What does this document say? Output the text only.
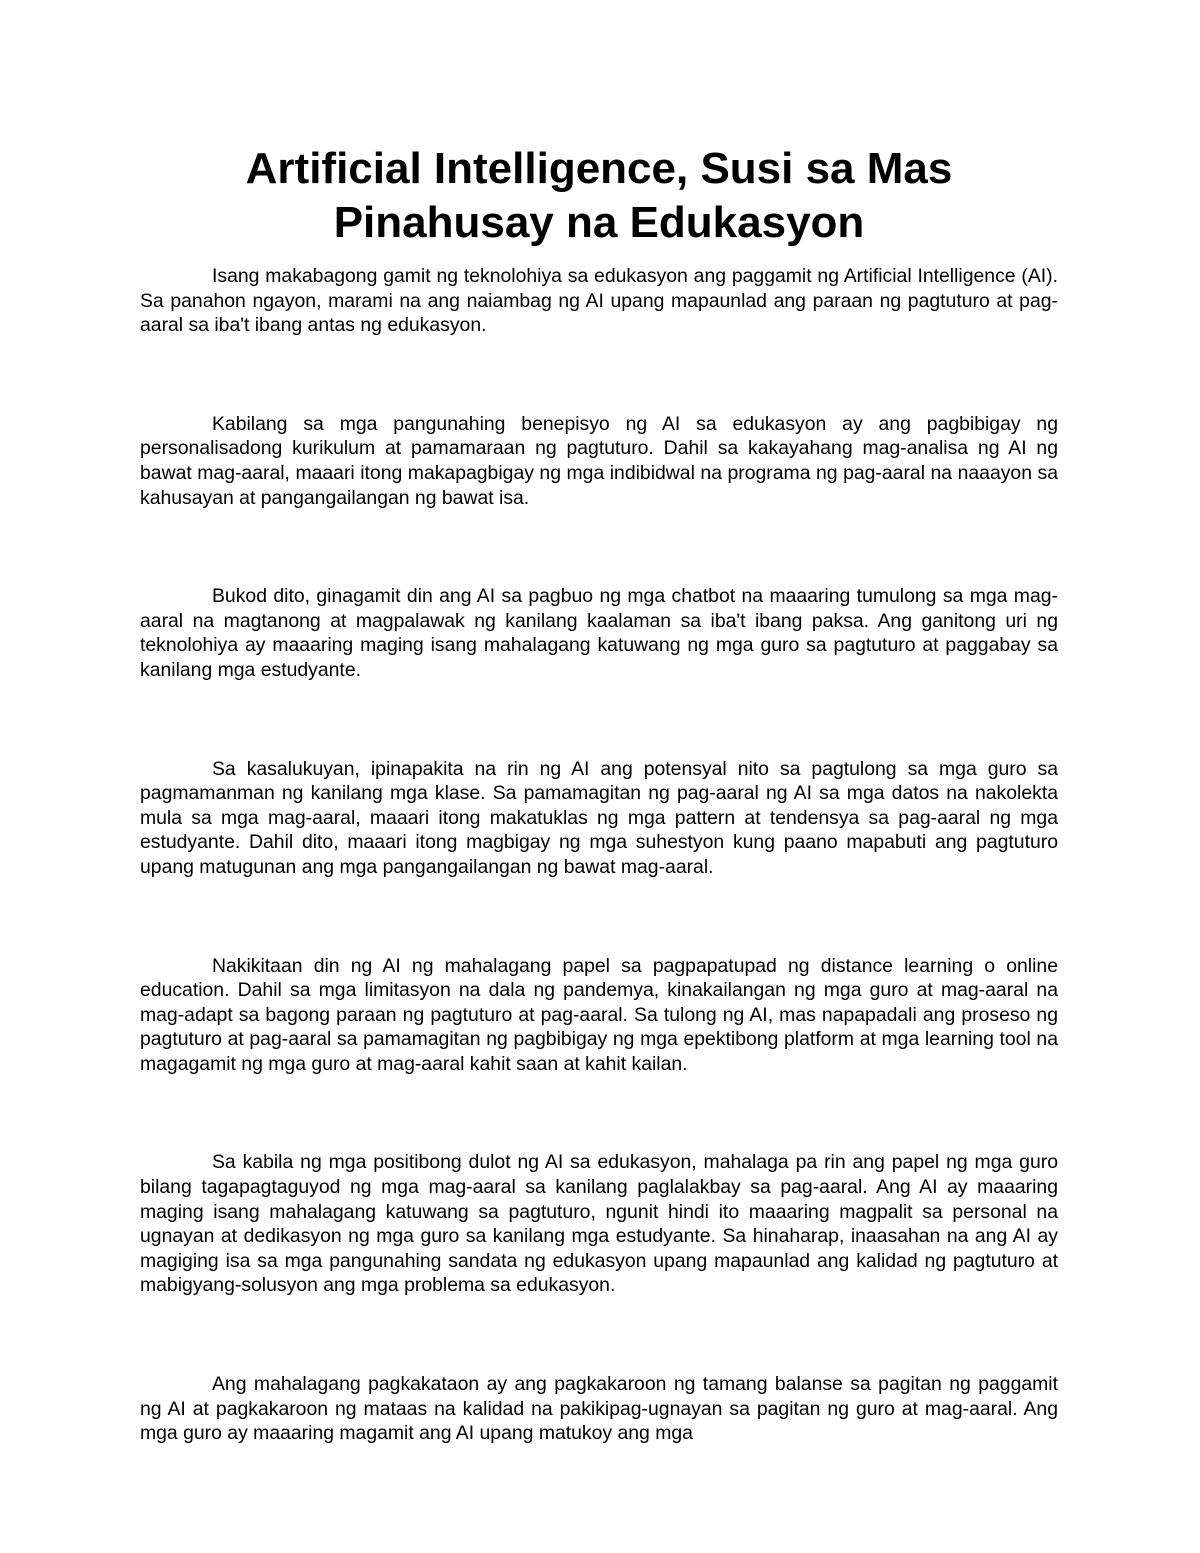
Artificial Intelligence, Susi sa Mas
Pinahusay na Edukasyon

Isang makabagong gamit ng teknolohiya sa edukasyon ang paggamit ng Artificial Intelligence (AI). Sa panahon ngayon, marami na ang naiambag ng AI upang mapaunlad ang paraan ng pagtuturo at pag-aaral sa iba't ibang antas ng edukasyon.

Kabilang sa mga pangunahing benepisyo ng AI sa edukasyon ay ang pagbibigay ng personalisadong kurikulum at pamamaraan ng pagtuturo. Dahil sa kakayahang mag-analisa ng AI ng bawat mag-aaral, maaari itong makapagbigay ng mga indibidwal na programa ng pag-aaral na naaayon sa kahusayan at pangangailangan ng bawat isa.

Bukod dito, ginagamit din ang AI sa pagbuo ng mga chatbot na maaaring tumulong sa mga mag-aaral na magtanong at magpalawak ng kanilang kaalaman sa iba't ibang paksa. Ang ganitong uri ng teknolohiya ay maaaring maging isang mahalagang katuwang ng mga guro sa pagtuturo at paggabay sa kanilang mga estudyante.

Sa kasalukuyan, ipinapakita na rin ng AI ang potensyal nito sa pagtulong sa mga guro sa pagmamanman ng kanilang mga klase. Sa pamamagitan ng pag-aaral ng AI sa mga datos na nakolekta mula sa mga mag-aaral, maaari itong makatuklas ng mga pattern at tendensya sa pag-aaral ng mga estudyante. Dahil dito, maaari itong magbigay ng mga suhestyon kung paano mapabuti ang pagtuturo upang matugunan ang mga pangangailangan ng bawat mag-aaral.

Nakikitaan din ng AI ng mahalagang papel sa pagpapatupad ng distance learning o online education. Dahil sa mga limitasyon na dala ng pandemya, kinakailangan ng mga guro at mag-aaral na mag-adapt sa bagong paraan ng pagtuturo at pag-aaral. Sa tulong ng AI, mas napapadali ang proseso ng pagtuturo at pag-aaral sa pamamagitan ng pagbibigay ng mga epektibong platform at mga learning tool na magagamit ng mga guro at mag-aaral kahit saan at kahit kailan.

Sa kabila ng mga positibong dulot ng AI sa edukasyon, mahalaga pa rin ang papel ng mga guro bilang tagapagtaguyod ng mga mag-aaral sa kanilang paglalakbay sa pag-aaral. Ang AI ay maaaring maging isang mahalagang katuwang sa pagtuturo, ngunit hindi ito maaaring magpalit sa personal na ugnayan at dedikasyon ng mga guro sa kanilang mga estudyante. Sa hinaharap, inaasahan na ang AI ay magiging isa sa mga pangunahing sandata ng edukasyon upang mapaunlad ang kalidad ng pagtuturo at mabigyang-solusyon ang mga problema sa edukasyon.

Ang mahalagang pagkakataon ay ang pagkakaroon ng tamang balanse sa pagitan ng paggamit ng AI at pagkakaroon ng mataas na kalidad na pakikipag-ugnayan sa pagitan ng guro at mag-aaral. Ang mga guro ay maaaring magamit ang AI upang matukoy ang mga
